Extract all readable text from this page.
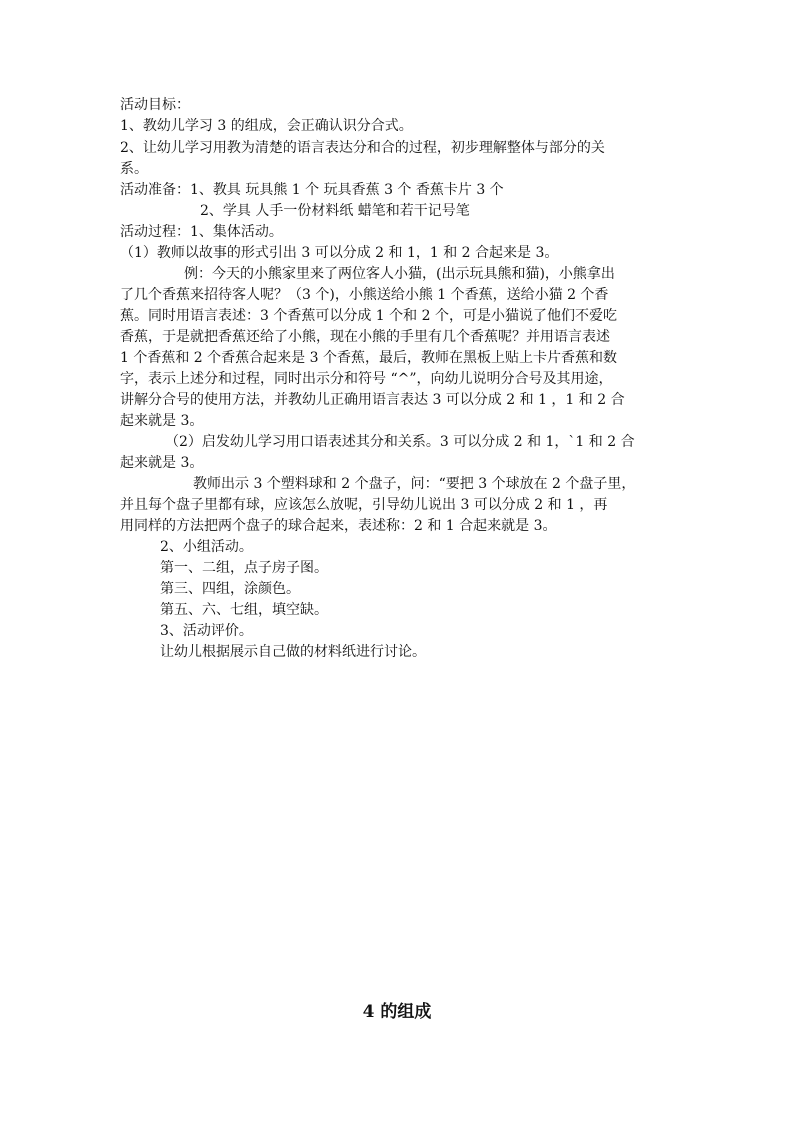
活动目标：
1、教幼儿学习 3 的组成，会正确认识分合式。
2、让幼儿学习用教为清楚的语言表达分和合的过程，初步理解整体与部分的关
系。
活动准备：1、教具 玩具熊 1 个 玩具香蕉 3 个 香蕉卡片 3 个
2、学具 人手一份材料纸 蜡笔和若干记号笔
活动过程：1、集体活动。
（1）教师以故事的形式引出 3 可以分成 2 和 1，1 和 2 合起来是 3。
例：今天的小熊家里来了两位客人小猫，(出示玩具熊和猫)，小熊拿出
了几个香蕉来招待客人呢？（3 个)，小熊送给小熊 1 个香蕉，送给小猫 2 个香
蕉。同时用语言表述：3 个香蕉可以分成 1 个和 2 个，可是小猫说了他们不爱吃
香蕉，于是就把香蕉还给了小熊，现在小熊的手里有几个香蕉呢？并用语言表述
1 个香蕉和 2 个香蕉合起来是 3 个香蕉，最后，教师在黑板上贴上卡片香蕉和数
字，表示上述分和过程，同时出示分和符号 “^”，向幼儿说明分合号及其用途，
讲解分合号的使用方法，并教幼儿正确用语言表达 3 可以分成 2 和 1 ，1 和 2 合
起来就是 3。
（2）启发幼儿学习用口语表述其分和关系。3 可以分成 2 和 1，`1 和 2 合
起来就是 3。
教师出示 3 个塑料球和 2 个盘子，问：“要把 3 个球放在 2 个盘子里，
并且每个盘子里都有球，应该怎么放呢，引导幼儿说出 3 可以分成 2 和 1 ，再
用同样的方法把两个盘子的球合起来，表述称：2 和 1 合起来就是 3。
2、小组活动。
第一、二组，点子房子图。
第三、四组，涂颜色。
第五、六、七组，填空缺。
3、活动评价。
让幼儿根据展示自己做的材料纸进行讨论。
4 的组成
